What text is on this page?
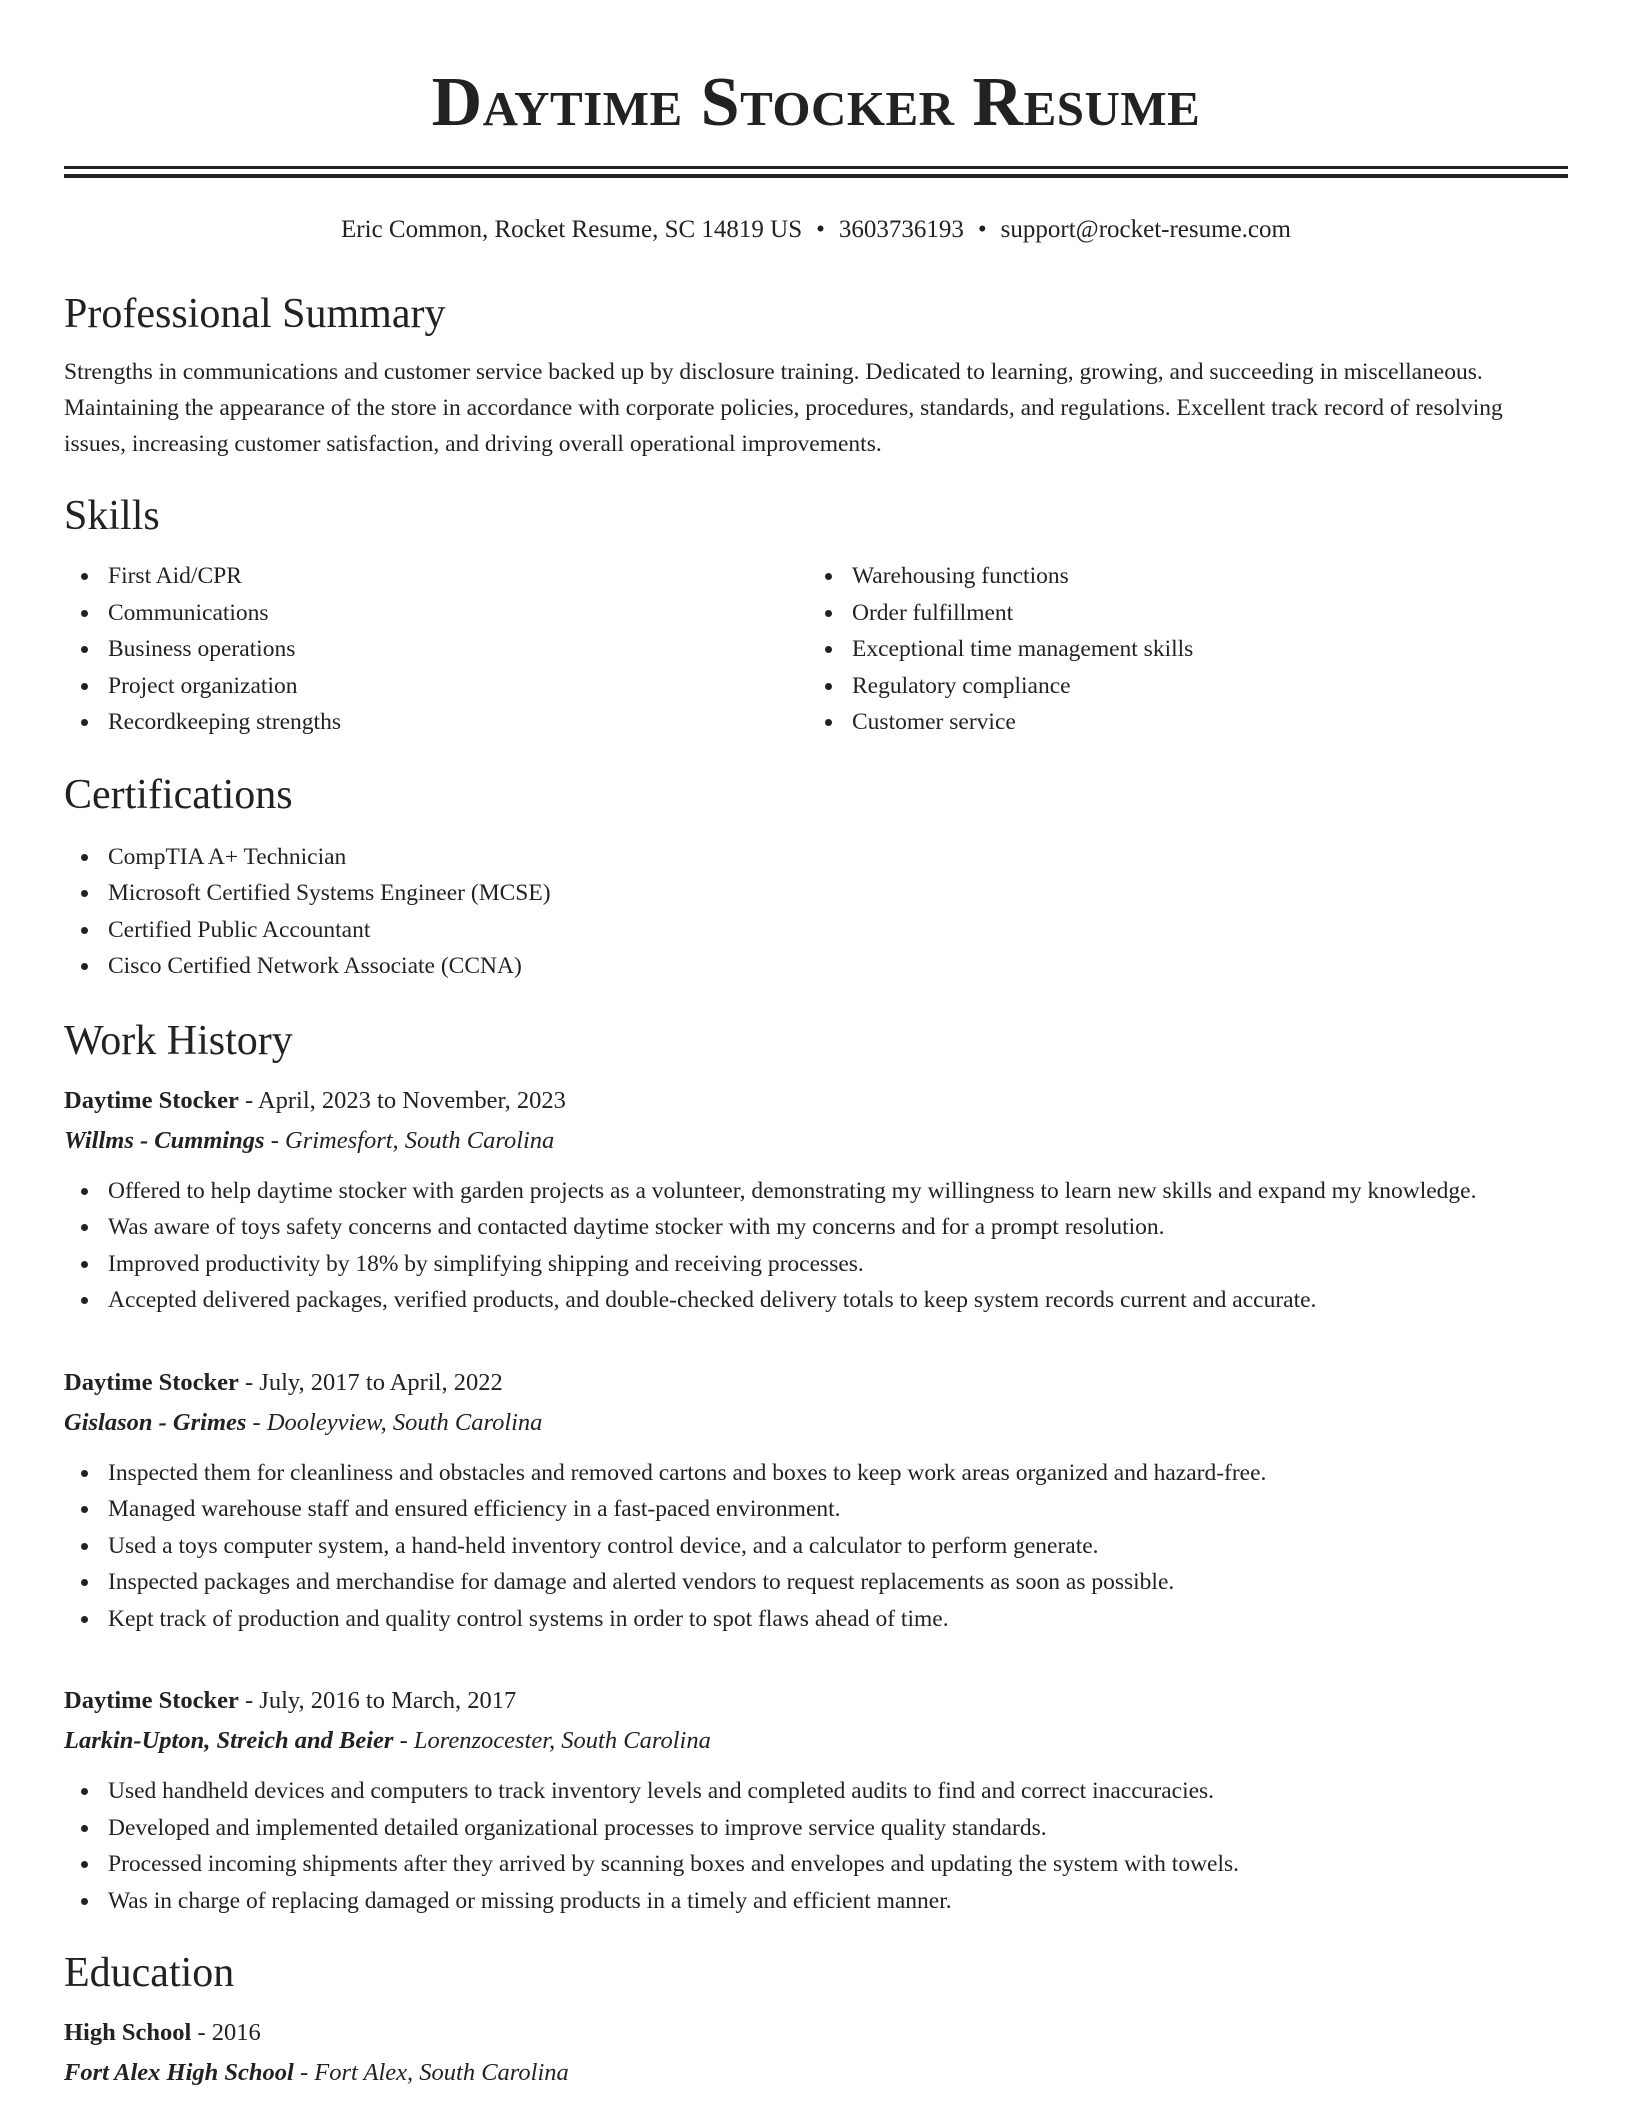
Daytime Stocker Resume
Eric Common, Rocket Resume, SC 14819 US • 3603736193 • support@rocket-resume.com
Professional Summary

Strengths in communications and customer service backed up by disclosure training. Dedicated to learning, growing, and succeeding in miscellaneous. Maintaining the appearance of the store in accordance with corporate policies, procedures, standards, and regulations. Excellent track record of resolving issues, increasing customer satisfaction, and driving overall operational improvements.

Skills
First Aid/CPR
Communications
Business operations
Project organization
Recordkeeping strengths
Warehousing functions
Order fulfillment
Exceptional time management skills
Regulatory compliance
Customer service
Certifications
CompTIA A+ Technician
Microsoft Certified Systems Engineer (MCSE)
Certified Public Accountant
Cisco Certified Network Associate (CCNA)
Work History
Daytime Stocker - April, 2023 to November, 2023
Willms - Cummings - Grimesfort, South Carolina
Offered to help daytime stocker with garden projects as a volunteer, demonstrating my willingness to learn new skills and expand my knowledge.
Was aware of toys safety concerns and contacted daytime stocker with my concerns and for a prompt resolution.
Improved productivity by 18% by simplifying shipping and receiving processes.
Accepted delivered packages, verified products, and double-checked delivery totals to keep system records current and accurate.
Daytime Stocker - July, 2017 to April, 2022
Gislason - Grimes - Dooleyview, South Carolina
Inspected them for cleanliness and obstacles and removed cartons and boxes to keep work areas organized and hazard-free.
Managed warehouse staff and ensured efficiency in a fast-paced environment.
Used a toys computer system, a hand-held inventory control device, and a calculator to perform generate.
Inspected packages and merchandise for damage and alerted vendors to request replacements as soon as possible.
Kept track of production and quality control systems in order to spot flaws ahead of time.
Daytime Stocker - July, 2016 to March, 2017
Larkin-Upton, Streich and Beier - Lorenzocester, South Carolina
Used handheld devices and computers to track inventory levels and completed audits to find and correct inaccuracies.
Developed and implemented detailed organizational processes to improve service quality standards.
Processed incoming shipments after they arrived by scanning boxes and envelopes and updating the system with towels.
Was in charge of replacing damaged or missing products in a timely and efficient manner.
Education
High School - 2016
Fort Alex High School - Fort Alex, South Carolina
